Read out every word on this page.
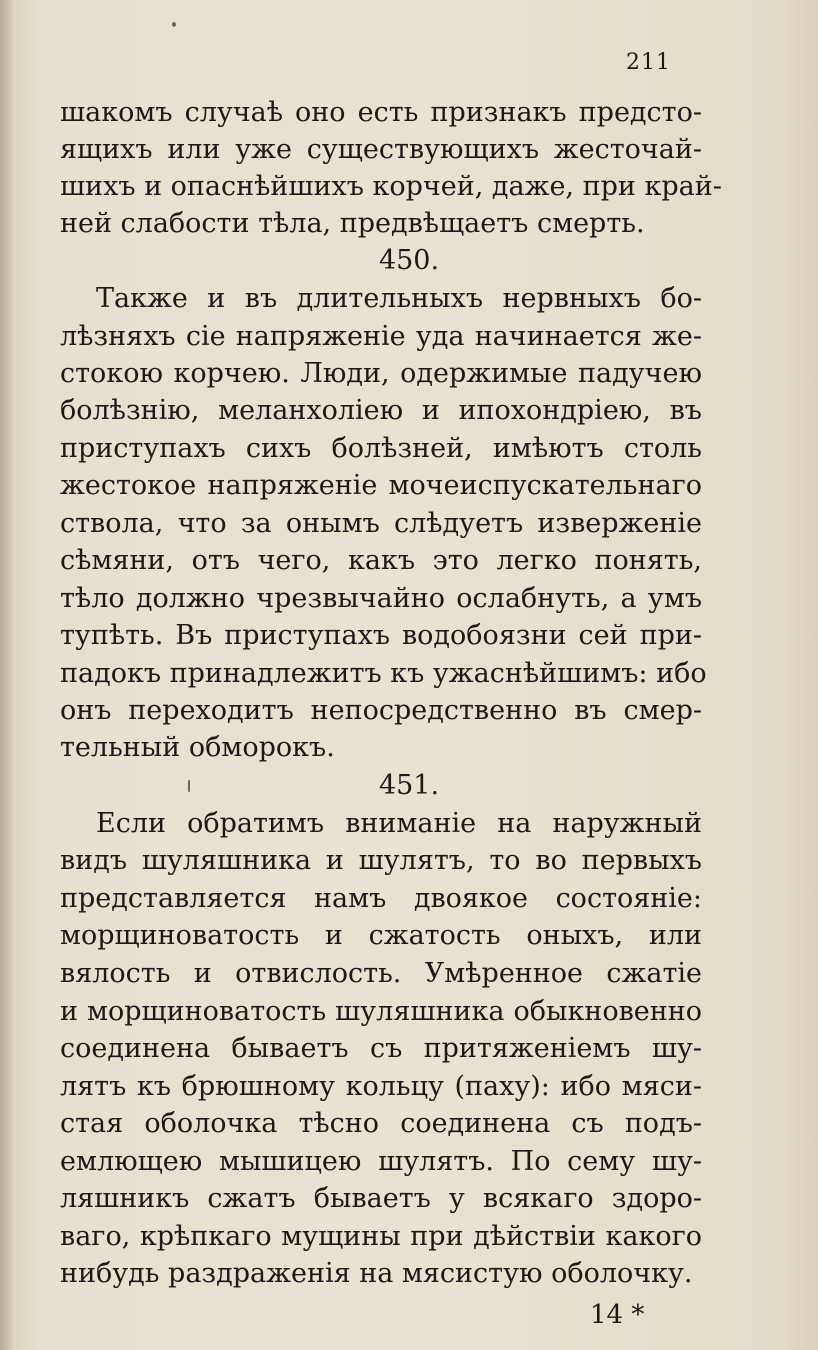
211

шакомъ случаѣ оно есть признакъ предсто-

ящихъ или уже существующихъ жесточай-

шихъ и опаснѣйшихъ корчей, даже, при край-

ней слабости тѣла, предвѣщаетъ смерть.

450.

Также и въ длительныхъ нервныхъ бо-

лѣзняхъ сіе напряженіе уда начинается же-

стокою корчею. Люди, одержимые падучею

болѣзнію, меланхоліею и ипохондріею, въ

приступахъ сихъ болѣзней, имѣютъ столь

жестокое напряженіе мочеиспускательнаго

ствола, что за онымъ слѣдуетъ изверженіе

сѣмяни, отъ чего, какъ это легко понять,

тѣло должно чрезвычайно ослабнуть, а умъ

тупѣть. Въ приступахъ водобоязни сей при-

падокъ принадлежитъ къ ужаснѣйшимъ: ибо

онъ переходитъ непосредственно въ смер-

тельный обморокъ.

451.

Если обратимъ вниманіе на наружный

видъ шуляшника и шулятъ, то во первыхъ

представляется намъ двоякое состояніе:

морщиноватость и сжатость оныхъ, или

вялость и отвислость. Умѣренное сжатіе

и морщиноватость шуляшника обыкновенно

соединена бываетъ съ притяженіемъ шу-

лятъ къ брюшному кольцу (паху): ибо мяси-

стая оболочка тѣсно соединена съ подъ-

емлющею мышицею шулятъ. По сему шу-

ляшникъ сжатъ бываетъ у всякаго здоро-

ваго, крѣпкаго мущины при дѣйствіи какого

нибудь раздраженія на мясистую оболочку.

14 *
